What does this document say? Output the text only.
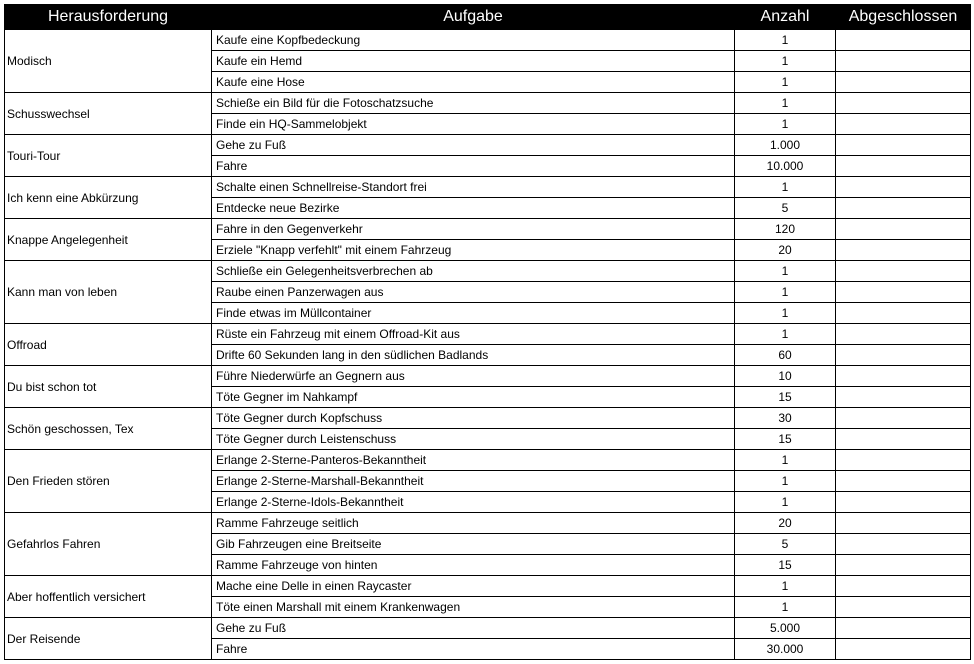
Herausforderung	Aufgabe	Anzahl	Abgeschlossen
Modisch	Kaufe eine Kopfbedeckung	1	
	Kaufe ein Hemd	1	
	Kaufe eine Hose	1	
Schusswechsel	Schieße ein Bild für die Fotoschatzsuche	1	
	Finde ein HQ-Sammelobjekt	1	
Touri-Tour	Gehe zu Fuß	1.000	
	Fahre	10.000	
Ich kenn eine Abkürzung	Schalte einen Schnellreise-Standort frei	1	
	Entdecke neue Bezirke	5	
Knappe Angelegenheit	Fahre in den Gegenverkehr	120	
	Erziele "Knapp verfehlt" mit einem Fahrzeug	20	
Kann man von leben	Schließe ein Gelegenheitsverbrechen ab	1	
	Raube einen Panzerwagen aus	1	
	Finde etwas im Müllcontainer	1	
Offroad	Rüste ein Fahrzeug mit einem Offroad-Kit aus	1	
	Drifte 60 Sekunden lang in den südlichen Badlands	60	
Du bist schon tot	Führe Niederwürfe an Gegnern aus	10	
	Töte Gegner im Nahkampf	15	
Schön geschossen, Tex	Töte Gegner durch Kopfschuss	30	
	Töte Gegner durch Leistenschuss	15	
Den Frieden stören	Erlange 2-Sterne-Panteros-Bekanntheit	1	
	Erlange 2-Sterne-Marshall-Bekanntheit	1	
	Erlange 2-Sterne-Idols-Bekanntheit	1	
Gefahrlos Fahren	Ramme Fahrzeuge seitlich	20	
	Gib Fahrzeugen eine Breitseite	5	
	Ramme Fahrzeuge von hinten	15	
Aber hoffentlich versichert	Mache eine Delle in einen Raycaster	1	
	Töte einen Marshall mit einem Krankenwagen	1	
Der Reisende	Gehe zu Fuß	5.000	
	Fahre	30.000	
